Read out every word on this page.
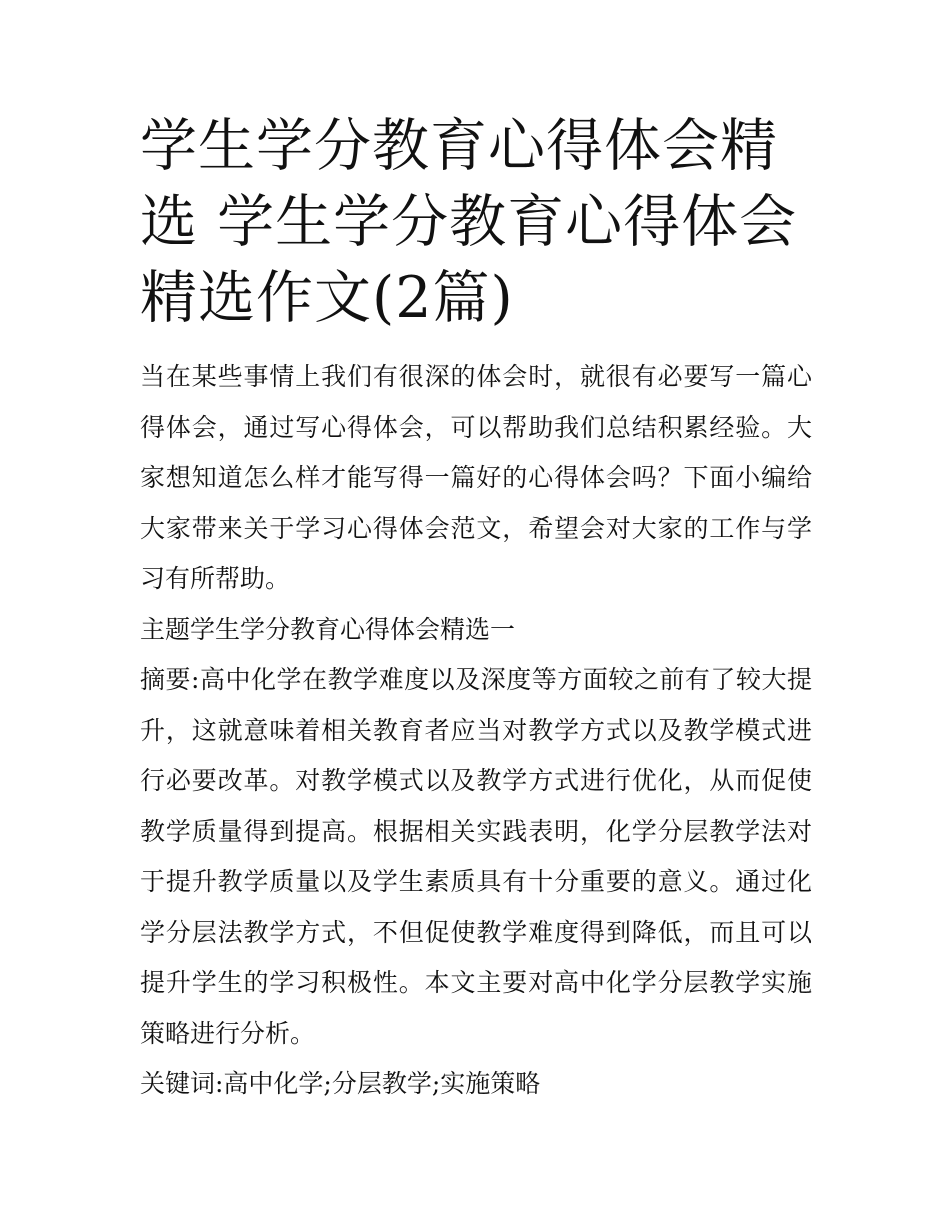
学生学分教育心得体会精选 学生学分教育心得体会精选作文(2篇)

当在某些事情上我们有很深的体会时，就很有必要写一篇心得体会，通过写心得体会，可以帮助我们总结积累经验。大家想知道怎么样才能写得一篇好的心得体会吗？下面小编给大家带来关于学习心得体会范文，希望会对大家的工作与学习有所帮助。

主题学生学分教育心得体会精选一

摘要:高中化学在教学难度以及深度等方面较之前有了较大提升，这就意味着相关教育者应当对教学方式以及教学模式进行必要改革。对教学模式以及教学方式进行优化，从而促使教学质量得到提高。根据相关实践表明，化学分层教学法对于提升教学质量以及学生素质具有十分重要的意义。通过化学分层法教学方式，不但促使教学难度得到降低，而且可以提升学生的学习积极性。本文主要对高中化学分层教学实施策略进行分析。

关键词:高中化学;分层教学;实施策略
